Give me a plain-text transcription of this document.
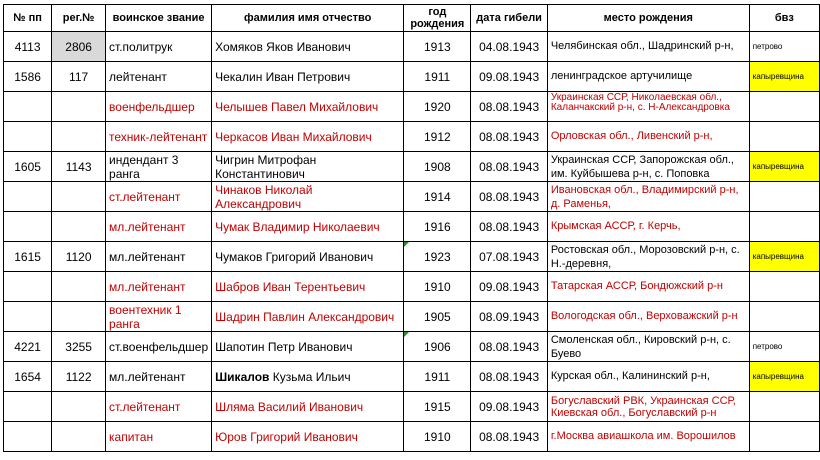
№ пп	рег.№	воинское звание	фамилия имя отчество	год рождения	дата гибели	место рождения	бвз
4113	2806	ст.политрук	Хомяков Яков Иванович	1913	04.08.1943	Челябинская обл., Шадринский р-н,	петрово
1586	117	лейтенант	Чекалин Иван Петрович	1911	09.08.1943	ленинградское артучилище	капыревщина
		военфельдшер	Челышев Павел Михайлович	1920	08.08.1943	Украинская ССР, Николаевская обл., Каланчакский р-н, с. Н-Александровка	

		техник-лейтенант	Черкасов Иван Михайлович	1912	08.08.1943	Орловская обл., Ливенский р-н,	
1605	1143	индендант 3 ранга	Чигрин Митрофан Константинович	1908	08.08.1943	Украинская ССР, Запорожская обл., им. Куйбышева р-н, с. Поповка	капыревщина
		ст.лейтенант	Чинаков Николай Александрович	1914	08.08.1943	Ивановская обл., Владимирский р-н, д. Раменья,	
		мл.лейтенант	Чумак Владимир Николаевич	1916	08.08.1943	Крымская АССР, г. Керчь,	
1615	1120	мл.лейтенант	Чумаков Григорий Иванович	1923	07.08.1943	Ростовская обл., Морозовский р-н, с. Н.-деревня,	капыревщина
		мл.лейтенант	Шабров Иван Терентьевич	1910	09.08.1943	Татарская АССР, Бондюжский р-н	
		воентехник 1 ранга	Шадрин Павлин Александрович	1905	08.09.1943	Вологодская обл., Верховажский р-н	
4221	3255	ст.военфельдшер	Шапотин Петр Иванович	1906	08.08.1943	Смоленская обл., Кировский р-н, с. Буево	петрово
1654	1122	мл.лейтенант	Шикалов Кузьма Ильич	1911	08.08.1943	Курская обл., Калининский р-н,	капыревщина
		ст.лейтенант	Шляма Василий Иванович	1915	09.08.1943	Богуславский РВК, Украинская ССР, Киевская обл., Богуславский р-н	

		капитан	Юров Григорий Иванович	1910	08.08.1943	г.Москва авиашкола им. Ворошилов	
